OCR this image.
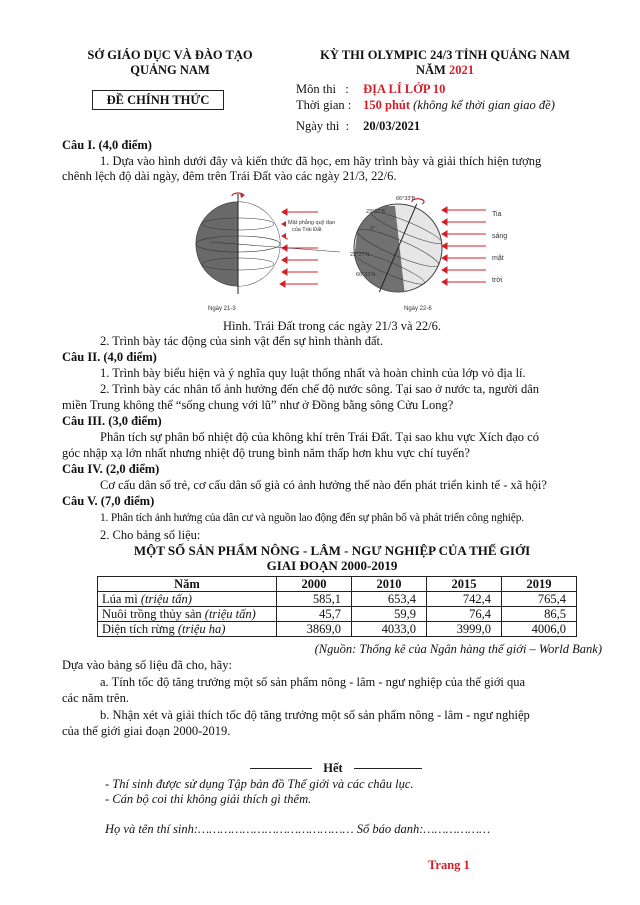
SỞ GIÁO DỤC VÀ ĐÀO TẠO
QUẢNG NAM
ĐỀ CHÍNH THỨC
KỲ THI OLYMPIC 24/3 TỈNH QUẢNG NAM
NĂM 2021
Môn thi   : ĐỊA LÍ LỚP 10
Thời gian : 150 phút (không kể thời gian giao đề)
Ngày thi  : 20/03/2021
Câu I. (4,0 điểm)
1. Dựa vào hình dưới đây và kiến thức đã học, em hãy trình bày và giải thích hiện tượng
chênh lệch độ dài ngày, đêm trên Trái Đất vào các ngày 21/3, 22/6.
Mặt phẳng quỹ đạo
của Trái Đất
Ngày 21-3
66°33'B
23°27'B
0°
23°27'N
66°33'N
Ngày 22-6
Tia
sáng
mặt
trời
Hình. Trái Đất trong các ngày 21/3 và 22/6.
2. Trình bày tác động của sinh vật đến sự hình thành đất.
Câu II. (4,0 điểm)
1. Trình bày biểu hiện và ý nghĩa quy luật thống nhất và hoàn chỉnh của lớp vỏ địa lí.
2. Trình bày các nhân tố ảnh hưởng đến chế độ nước sông. Tại sao ở nước ta, người dân
miền Trung không thể “sống chung với lũ” như ở Đồng bằng sông Cửu Long?
Câu III. (3,0 điểm)
Phân tích sự phân bố nhiệt độ của không khí trên Trái Đất. Tại sao khu vực Xích đạo có
góc nhập xạ lớn nhất nhưng nhiệt độ trung bình năm thấp hơn khu vực chí tuyến?
Câu IV. (2,0 điểm)
Cơ cấu dân số trẻ, cơ cấu dân số già có ảnh hưởng thế nào đến phát triển kinh tế - xã hội?
Câu V. (7,0 điểm)
1. Phân tích ảnh hưởng của dân cư và nguồn lao động đến sự phân bố và phát triển công nghiệp.
2. Cho bảng số liệu:
MỘT SỐ SẢN PHẨM NÔNG - LÂM - NGƯ NGHIỆP CỦA THẾ GIỚI
GIAI ĐOẠN 2000-2019
Năm	2000	2010	2015	2019
Lúa mì (triệu tấn)	585,1	653,4	742,4	765,4
Nuôi trồng thủy sản (triệu tấn)	45,7	59,9	76,4	86,5
Diện tích rừng (triệu ha)	3869,0	4033,0	3999,0	4006,0
(Nguồn: Thống kê của Ngân hàng thế giới – World Bank)
Dựa vào bảng số liệu đã cho, hãy:
a. Tính tốc độ tăng trưởng một số sản phẩm nông - lâm - ngư nghiệp của thế giới qua
các năm trên.
b. Nhận xét và giải thích tốc độ tăng trưởng một số sản phẩm nông - lâm - ngư nghiệp
của thế giới giai đoạn 2000-2019.
Hết
- Thí sinh được sử dụng Tập bản đồ Thế giới và các châu lục.
- Cán bộ coi thi không giải thích gì thêm.
Họ và tên thí sinh:…………………………………… Số báo danh:………………
Trang 1
